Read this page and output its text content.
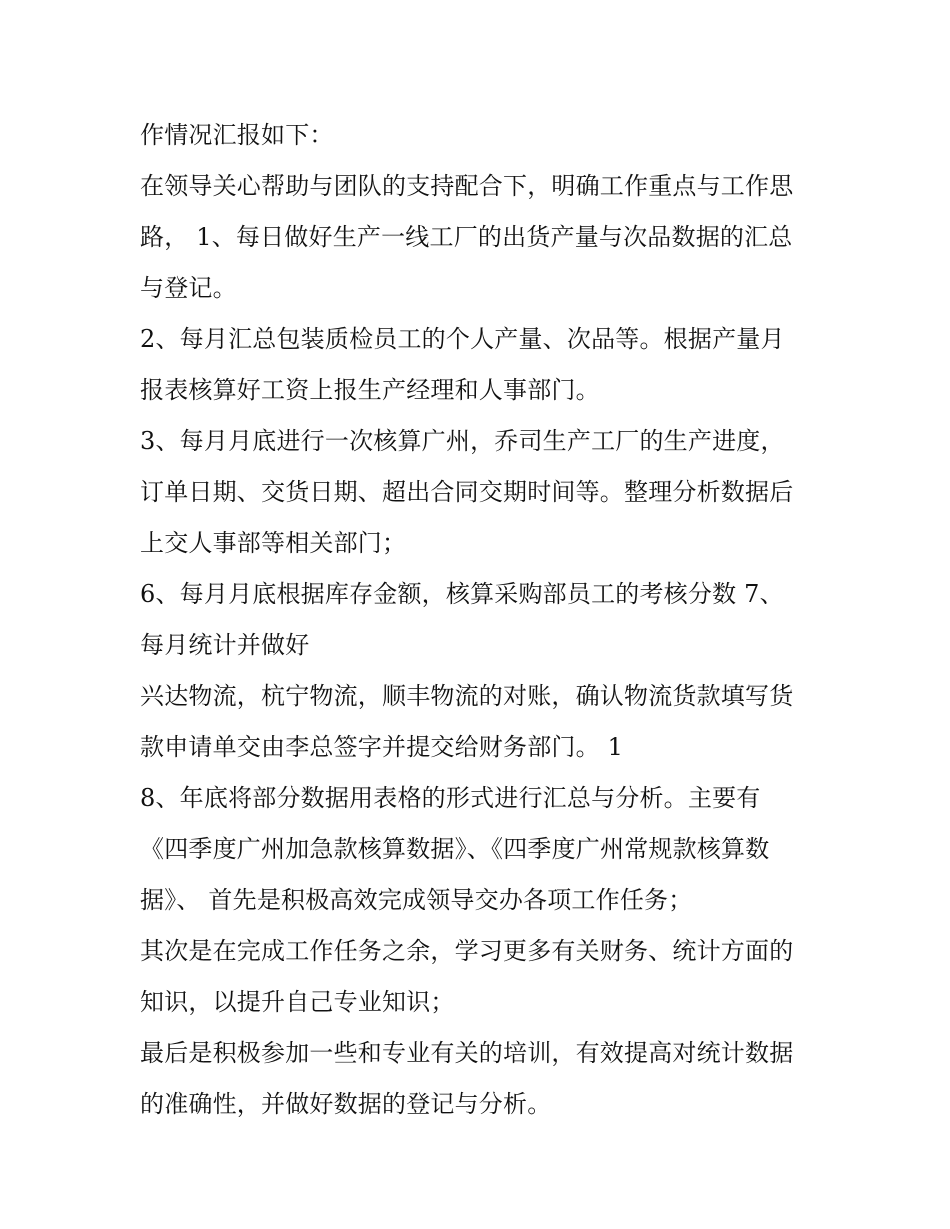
作情况汇报如下：
在领导关心帮助与团队的支持配合下，明确工作重点与工作思
路， 1、每日做好生产一线工厂的出货产量与次品数据的汇总
与登记。
2、每月汇总包装质检员工的个人产量、次品等。根据产量月
报表核算好工资上报生产经理和人事部门。
3、每月月底进行一次核算广州，乔司生产工厂的生产进度，
订单日期、交货日期、超出合同交期时间等。整理分析数据后
上交人事部等相关部门；
6、每月月底根据库存金额，核算采购部员工的考核分数 7、
每月统计并做好
兴达物流，杭宁物流，顺丰物流的对账，确认物流货款填写货
款申请单交由李总签字并提交给财务部门。 1
8、年底将部分数据用表格的形式进行汇总与分析。主要有
《四季度广州加急款核算数据》、《四季度广州常规款核算数
据》、 首先是积极高效完成领导交办各项工作任务；
其次是在完成工作任务之余，学习更多有关财务、统计方面的
知识，以提升自己专业知识；
最后是积极参加一些和专业有关的培训，有效提高对统计数据
的准确性，并做好数据的登记与分析。
